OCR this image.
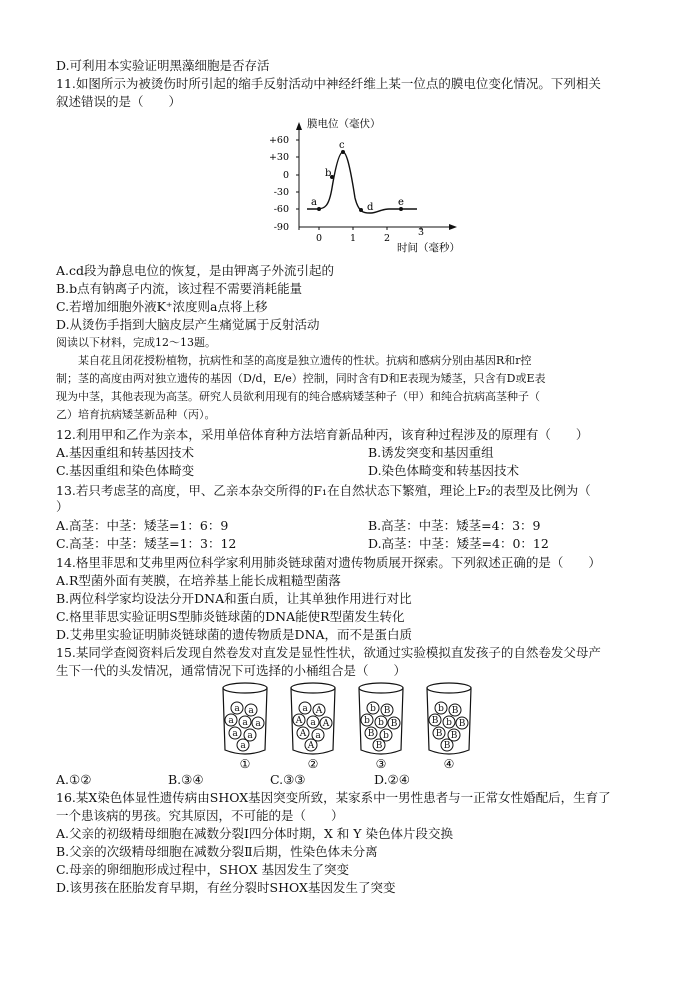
D.可利用本实验证明黑藻细胞是否存活
11.如图所示为被烫伤时所引起的缩手反射活动中神经纤维上某一位点的膜电位变化情况。下列相关
叙述错误的是（　　）
膜电位（毫伏）
+60
+30
0
-30
-60
-90
0	1	2
3
时间（毫秒）
a
b
c
d e
A.cd段为静息电位的恢复，是由钾离子外流引起的
B.b点有钠离子内流，该过程不需要消耗能量
C.若增加细胞外液K⁺浓度则a点将上移
D.从烫伤手指到大脑皮层产生痛觉属于反射活动
阅读以下材料，完成12～13题。
　　某自花且闭花授粉植物，抗病性和茎的高度是独立遗传的性状。抗病和感病分别由基因R和r控
制；茎的高度由两对独立遗传的基因（D/d，E/e）控制，同时含有D和E表现为矮茎，只含有D或E表
现为中茎，其他表现为高茎。研究人员欲利用现有的纯合感病矮茎种子（甲）和纯合抗病高茎种子（
乙）培育抗病矮茎新品种（丙）。
12.利用甲和乙作为亲本，采用单倍体育种方法培育新品种丙，该育种过程涉及的原理有（　　）
A.基因重组和转基因技术	B.诱发突变和基因重组
C.基因重组和染色体畸变	D.染色体畸变和转基因技术
13.若只考虑茎的高度，甲、乙亲本杂交所得的F₁在自然状态下繁殖，理论上F₂的表型及比例为（
）
A.高茎：中茎：矮茎=1：6：9	B.高茎：中茎：矮茎=4：3：9
C.高茎：中茎：矮茎=1：3：12	D.高茎：中茎：矮茎=4：0：12
14.格里菲思和艾弗里两位科学家利用肺炎链球菌对遗传物质展开探索。下列叙述正确的是（　　）
A.R型菌外面有荚膜，在培养基上能长成粗糙型菌落
B.两位科学家均设法分开DNA和蛋白质，让其单独作用进行对比
C.格里菲思实验证明S型肺炎链球菌的DNA能使R型菌发生转化
D.艾弗里实验证明肺炎链球菌的遗传物质是DNA，而不是蛋白质
15.某同学查阅资料后发现自然卷发对直发是显性性状，欲通过实验模拟直发孩子的自然卷发父母产
生下一代的头发情况，通常情况下可选择的小桶组合是（　　）
a a
a a a
a a
a
a A
A a A
A a
A
b B
b b B
B b
B
b B
B b B
B B
B
①	②	③	④
A.①②	B.③④	C.③③	D.②④
16.某X染色体显性遗传病由SHOX基因突变所致，某家系中一男性患者与一正常女性婚配后，生育了
一个患该病的男孩。究其原因，不可能的是（　　）
A.父亲的初级精母细胞在减数分裂Ⅰ四分体时期，X 和 Y 染色体片段交换
B.父亲的次级精母细胞在减数分裂Ⅱ后期，性染色体未分离
C.母亲的卵细胞形成过程中，SHOX 基因发生了突变
D.该男孩在胚胎发育早期，有丝分裂时SHOX基因发生了突变
